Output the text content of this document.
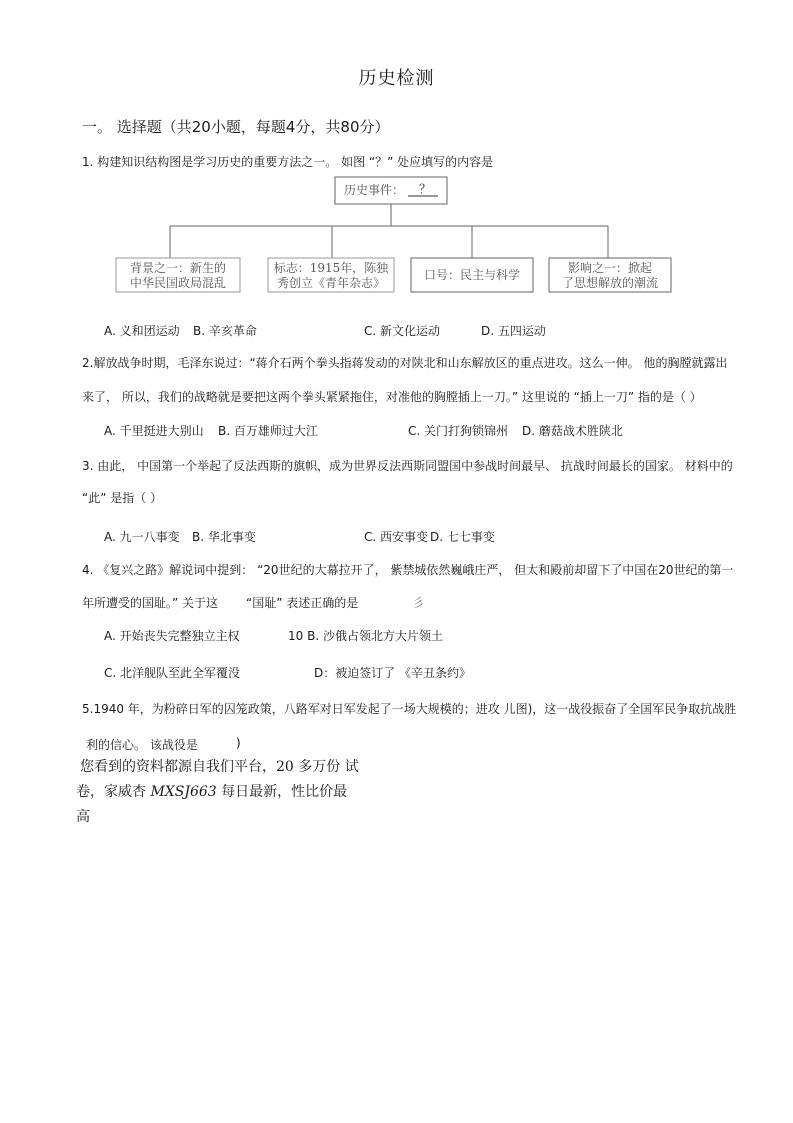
历史检测
一。 选择题（共20小题，每题4分，共80分）
1. 构建知识结构图是学习历史的重要方法之一。 如图 “？” 处应填写的内容是
历史事件：	？
背景之一：新生的
中华民国政局混乱
标志：1915年，陈独
秀创立《青年杂志》
口号：民主与科学	影响之一：掀起
了思想解放的潮流
A. 义和团运动 B. 辛亥革命	C. 新文化运动	D. 五四运动
2.解放战争时期，毛泽东说过：“蒋介石两个拳头指蒋发动的对陕北和山东解放区的重点进攻。这么一伸。 他的胸膛就露出
来了， 所以，我们的战略就是要把这两个拳头紧紧拖住，对准他的胸膛插上一刀。” 这里说的 “插上一刀” 指的是（ ）
A. 千里挺进大别山 B. 百万雄师过大江	C. 关门打狗锁锦州 D. 蘑菇战术胜陕北
3. 由此， 中国第一个举起了反法西斯的旗帜，成为世界反法西斯同盟国中参战时间最早、 抗战时间最长的国家。 材料中的
“此” 是指（ ）
A. 九一八事变 B. 华北事变	C. 西安事变 D. 七七事变
4. 《复兴之路》解说词中提到： “20世纪的大幕拉开了， 紫禁城依然巍峨庄严， 但太和殿前却留下了中国在20世纪的第一
年所遭受的国耻。” 关于这 “国耻” 表述正确的是	彡
A. 开始丧失完整独立主权	10 B. 沙俄占领北方大片领土
C. 北洋舰队至此全军覆没	D：被迫签订了 《辛丑条约》
5.1940 年，为粉碎日军的囚笼政策，八路军对日军发起了一场大规模的；进攻 儿图)，这一战役振奋了全国军民争取抗战胜
利的信心。 该战役是	)
您看到的资料都源自我们平台，20 多万份 试
卷，家威杏 MXSJ663 每日最新，性比价最
高
